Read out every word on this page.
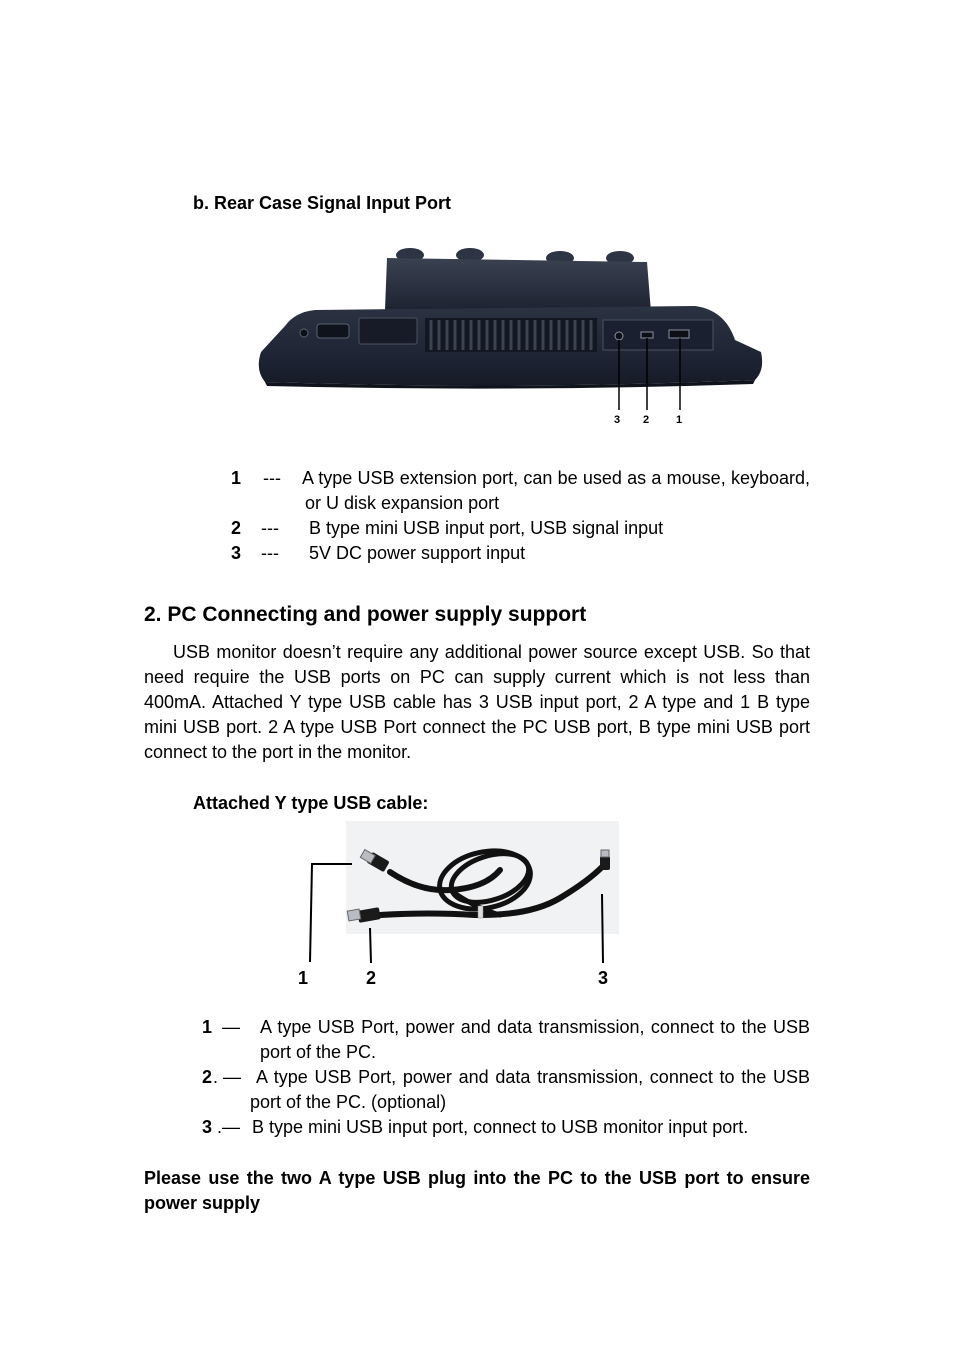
b. Rear Case Signal Input Port
3 2 1
1 --- A type USB extension port, can be used as a mouse, keyboard, or U disk expansion port
2 --- B type mini USB input port, USB signal input
3 --- 5V DC power support input
2. PC Connecting and power supply support
USB monitor doesn’t require any additional power source except USB. So that need require the USB ports on PC can supply current which is not less than 400mA. Attached Y type USB cable has 3 USB input port, 2 A type and 1 B type mini USB port. 2 A type USB Port connect the PC USB port, B type mini USB port connect to the port in the monitor.
Attached Y type USB cable:
1	2	3
1 — A type USB Port, power and data transmission, connect to the USB port of the PC.
2 . — A type USB Port, power and data transmission, connect to the USB port of the PC. (optional)
3 .— B type mini USB input port, connect to USB monitor input port.
Please use the two A type USB plug into the PC to the USB port to ensure power supply
